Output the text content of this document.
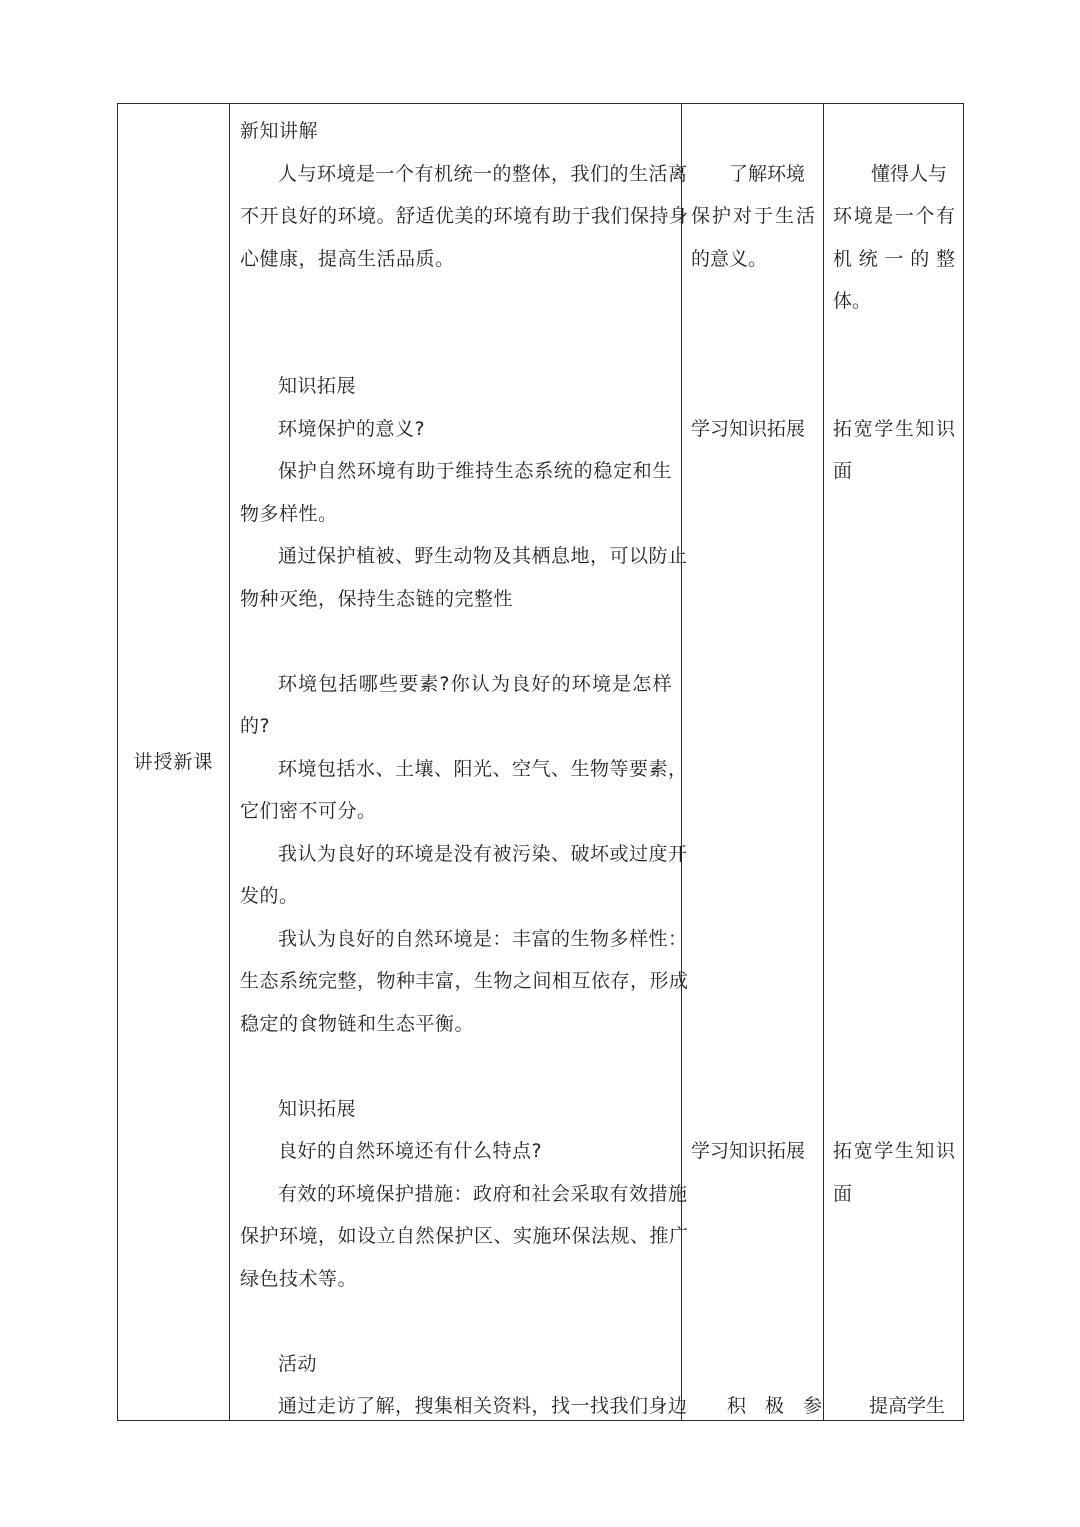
讲授新课
新知讲解
人与环境是一个有机统一的整体，我们的生活离
不开良好的环境。舒适优美的环境有助于我们保持身
心健康，提高生活品质。
知识拓展
环境保护的意义?
保护自然环境有助于维持生态系统的稳定和生
物多样性。
通过保护植被、野生动物及其栖息地，可以防止
物种灭绝，保持生态链的完整性
环境包括哪些要素?你认为良好的环境是怎样
的?
环境包括水、土壤、阳光、空气、生物等要素，
它们密不可分。
我认为良好的环境是没有被污染、破坏或过度开
发的。
我认为良好的自然环境是：丰富的生物多样性：
生态系统完整，物种丰富，生物之间相互依存，形成
稳定的食物链和生态平衡。
知识拓展
良好的自然环境还有什么特点?
有效的环境保护措施：政府和社会采取有效措施
保护环境，如设立自然保护区、实施环保法规、推广
绿色技术等。
活动
通过走访了解，搜集相关资料，找一找我们身边
了解环境
保护对于生活
的意义。
学习知识拓展
学习知识拓展
积　极　参
懂得人与
环境是一个有
机 统 一 的 整
体。
拓宽学生知识
面
拓宽学生知识
面
提高学生
